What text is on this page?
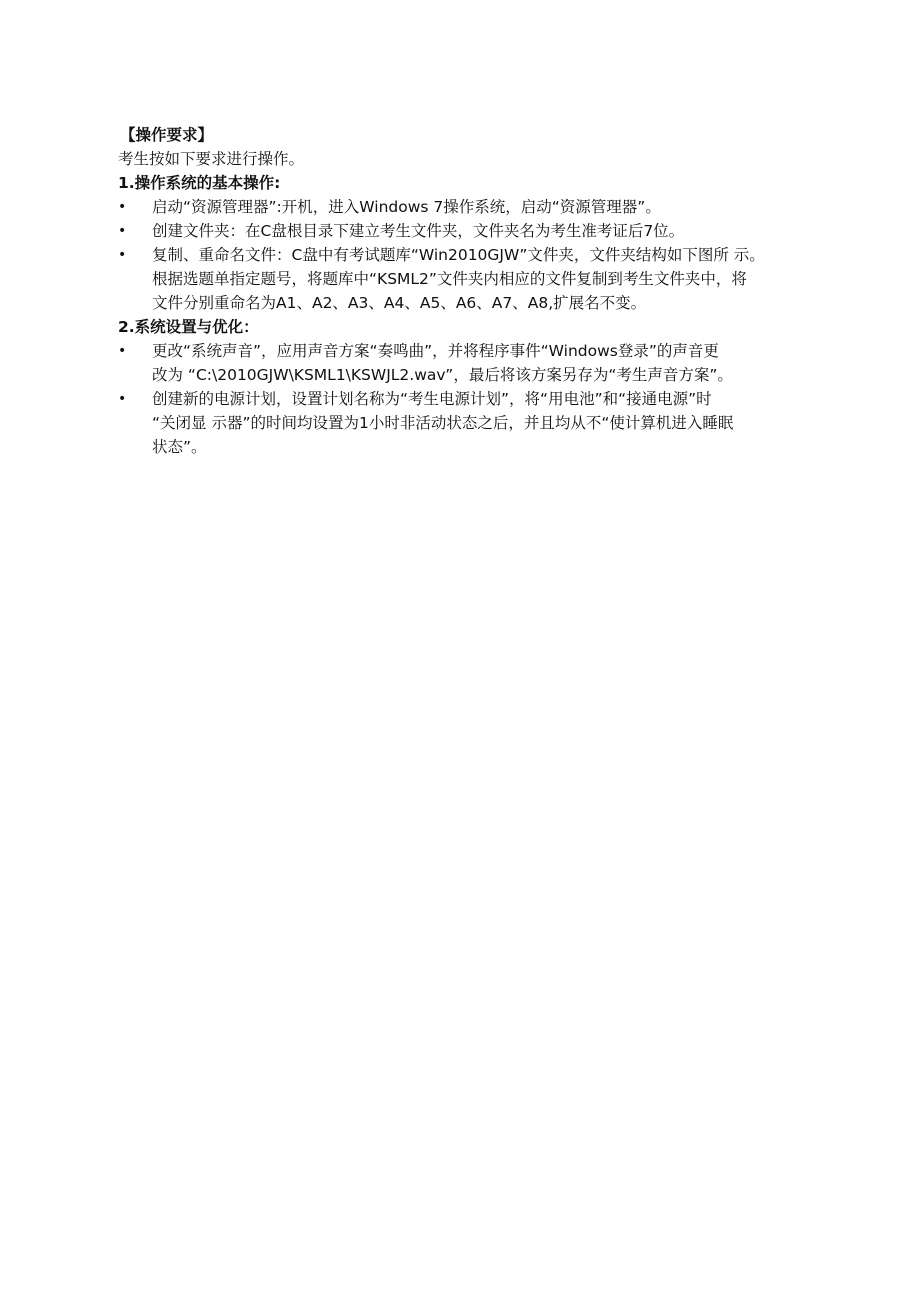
【操作要求】
考生按如下要求进行操作。
1.操作系统的基本操作:
• 启动“资源管理器”:开机，进入Windows 7操作系统，启动“资源管理器”。
• 创建文件夹：在C盘根目录下建立考生文件夹，文件夹名为考生准考证后7位。
• 复制、重命名文件：C盘中有考试题库“Win2010GJW”文件夹，文件夹结构如下图所 示。
根据选题单指定题号，将题库中“KSML2”文件夹内相应的文件复制到考生文件夹中，将
文件分别重命名为A1、A2、A3、A4、A5、A6、A7、A8,扩展名不变。
2.系统设置与优化：
• 更改“系统声音”，应用声音方案“奏鸣曲”，并将程序事件“Windows登录”的声音更
改为 “C:\2010GJW\KSML1\KSWJL2.wav”，最后将该方案另存为“考生声音方案”。
• 创建新的电源计划，设置计划名称为“考生电源计划”，将“用电池”和“接通电源”时
“关闭显 示器”的时间均设置为1小时非活动状态之后，并且均从不“使计算机进入睡眠
状态”。
